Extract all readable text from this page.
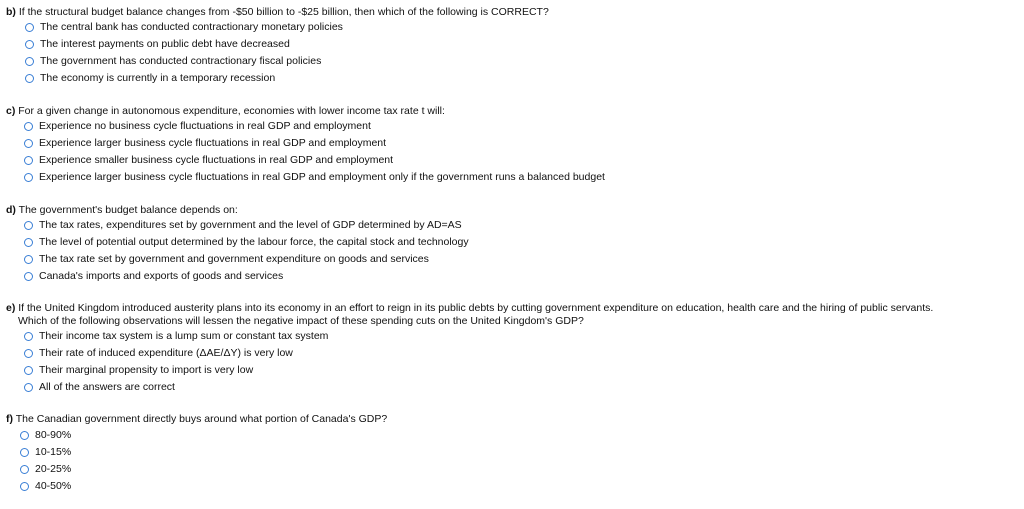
b) If the structural budget balance changes from -$50 billion to -$25 billion, then which of the following is CORRECT?
The central bank has conducted contractionary monetary policies
The interest payments on public debt have decreased
The government has conducted contractionary fiscal policies
The economy is currently in a temporary recession
c) For a given change in autonomous expenditure, economies with lower income tax rate t will:
Experience no business cycle fluctuations in real GDP and employment
Experience larger business cycle fluctuations in real GDP and employment
Experience smaller business cycle fluctuations in real GDP and employment
Experience larger business cycle fluctuations in real GDP and employment only if the government runs a balanced budget
d) The government's budget balance depends on:
The tax rates, expenditures set by government and the level of GDP determined by AD=AS
The level of potential output determined by the labour force, the capital stock and technology
The tax rate set by government and government expenditure on goods and services
Canada's imports and exports of goods and services
e) If the United Kingdom introduced austerity plans into its economy in an effort to reign in its public debts by cutting government expenditure on education, health care and the hiring of public servants.
Which of the following observations will lessen the negative impact of these spending cuts on the United Kingdom's GDP?
Their income tax system is a lump sum or constant tax system
Their rate of induced expenditure (ΔAE/ΔY) is very low
Their marginal propensity to import is very low
All of the answers are correct
f) The Canadian government directly buys around what portion of Canada's GDP?
80-90%
10-15%
20-25%
40-50%
